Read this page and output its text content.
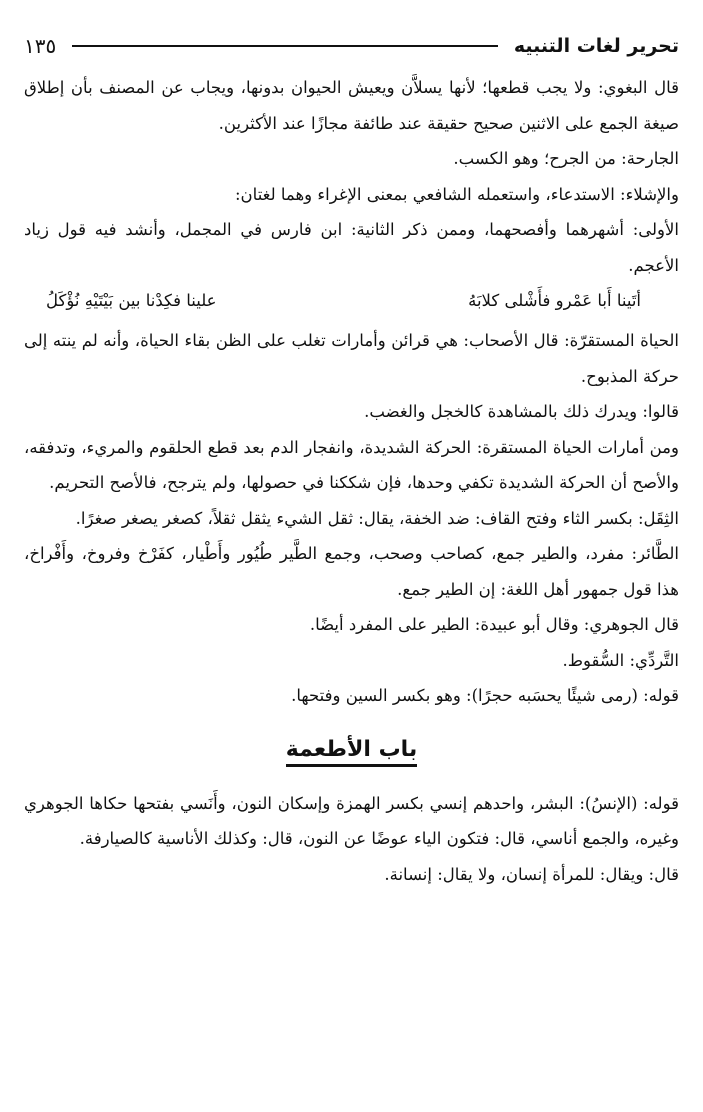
تحرير لغات التنبيه
١٣٥

قال البغوي: ولا يجب قطعها؛ لأنها يسلاَّن ويعيش الحيوان بدونها، ويجاب عن المصنف بأن إطلاق صيغة الجمع على الاثنين صحيح حقيقة عند طائفة مجازًا عند الأكثرين.

الجارحة: من الجرح؛ وهو الكسب.

والإشلاء: الاستدعاء، واستعمله الشافعي بمعنى الإغراء وهما لغتان:

الأولى: أشهرهما وأفصحهما، وممن ذكر الثانية: ابن فارس في المجمل، وأنشد فيه قول زياد الأعجم.

أتَينا أَبا عَمْرو فأَشْلى كلابَهُ
علينا فكِدْنا بين بَيْتَيْهِ نُؤْكَلُ

الحياة المستقرّة: قال الأصحاب: هي قرائن وأمارات تغلب على الظن بقاء الحياة، وأنه لم ينته إلى حركة المذبوح.

قالوا: ويدرك ذلك بالمشاهدة كالخجل والغضب.

ومن أمارات الحياة المستقرة: الحركة الشديدة، وانفجار الدم بعد قطع الحلقوم والمريء، وتدفقه، والأصح أن الحركة الشديدة تكفي وحدها، فإن شككنا في حصولها، ولم يترجح، فالأصح التحريم.

الثِقَل: بكسر الثاء وفتح القاف: ضد الخفة، يقال: ثقل الشيء يثقل ثقلاً، كصغر يصغر صغرًا.

الطَّائر: مفرد، والطير جمع، كصاحب وصحب، وجمع الطَّير طُيُور وأَطْيار، كفَرْخ وفروخ، وأَفْراخ، هذا قول جمهور أهل اللغة: إن الطير جمع.

قال الجوهري: وقال أبو عبيدة: الطير على المفرد أيضًا.

التَّردِّي: السُّقوط.

قوله: (رمى شيئًا يحسَبه حجرًا): وهو بكسر السين وفتحها.

باب الأطعمة

قوله: (الإنسُ): البشر، واحدهم إنسي بكسر الهمزة وإسكان النون، وأَنَسي بفتحها حكاها الجوهري وغيره، والجمع أناسي، قال: فتكون الياء عوضًا عن النون، قال: وكذلك الأناسية كالصيارفة.

قال: ويقال: للمرأة إنسان، ولا يقال: إنسانة.
